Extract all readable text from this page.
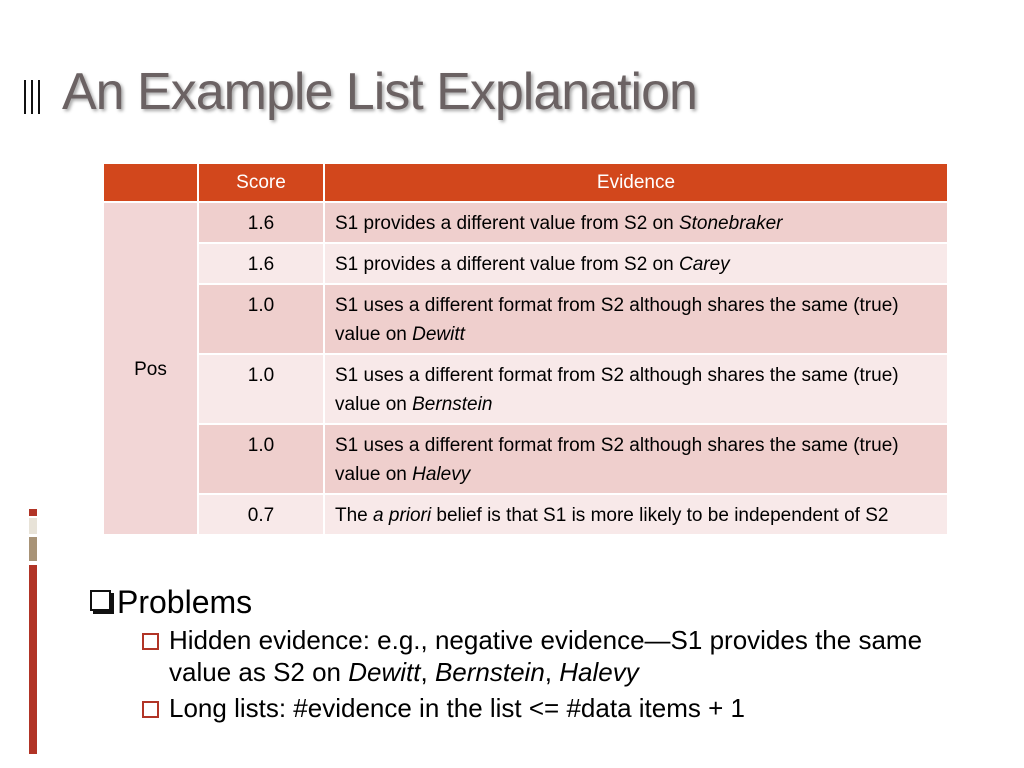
An Example List Explanation
	Score	Evidence
Pos	1.6	S1 provides a different value from S2 on Stonebraker
	1.6	S1 provides a different value from S2 on Carey
	1.0	S1 uses a different format from S2 although shares the same (true) value on Dewitt
	1.0	S1 uses a different format from S2 although shares the same (true) value on Bernstein
	1.0	S1 uses a different format from S2 although shares the same (true) value on Halevy
	0.7	The a priori belief is that S1 is more likely to be independent of S2
Problems
Hidden evidence: e.g., negative evidence—S1 provides the same value as S2 on Dewitt, Bernstein, Halevy
Long lists: #evidence in the list <= #data items + 1
